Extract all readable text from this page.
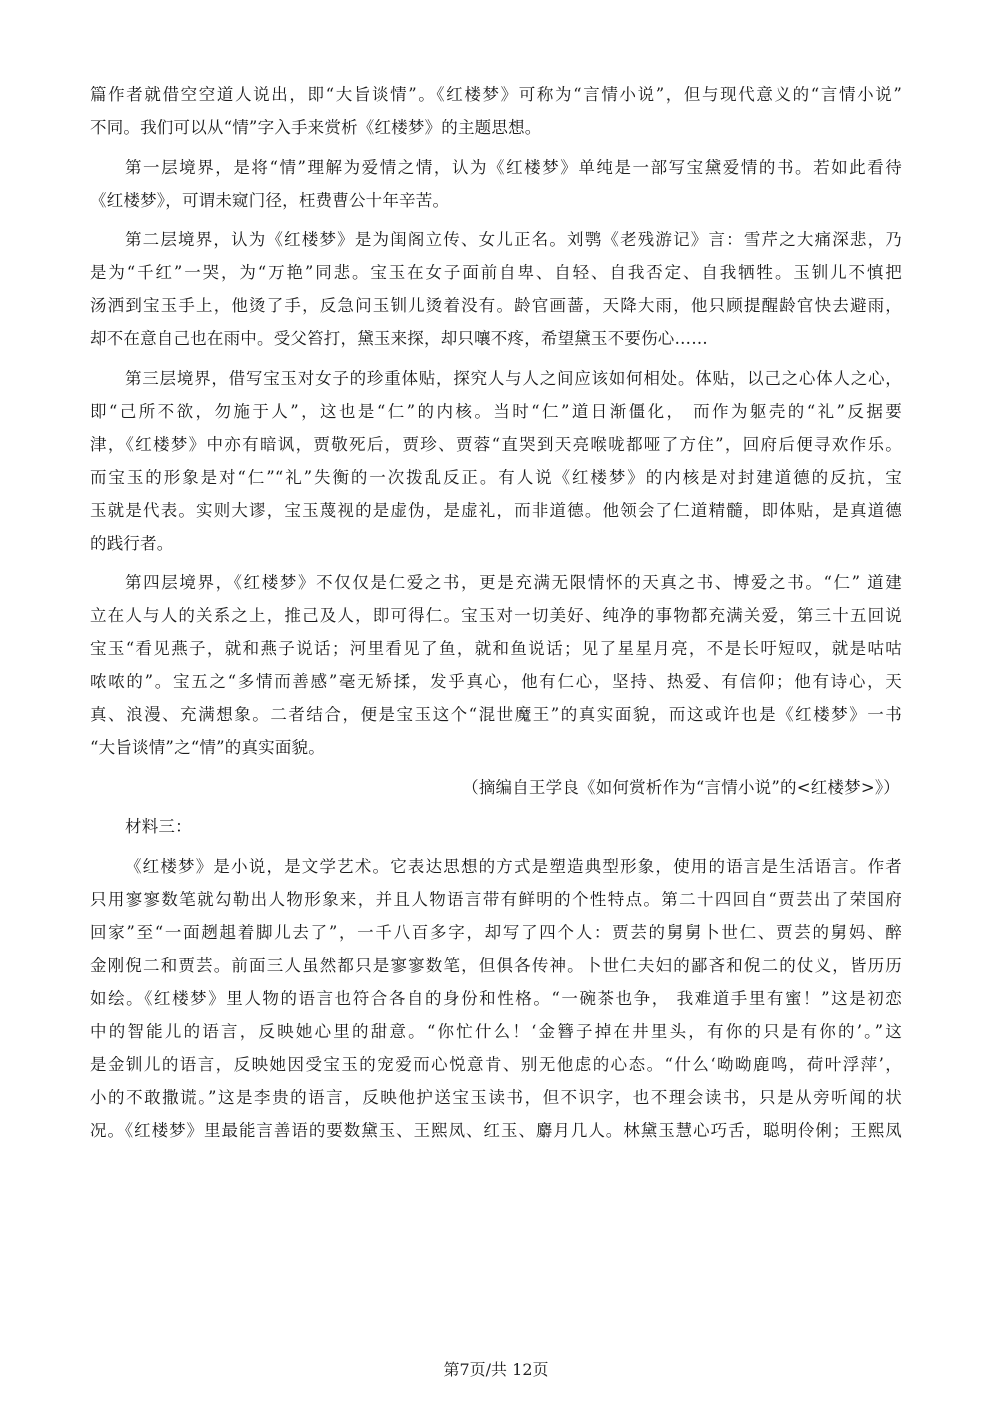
篇作者就借空空道人说出，即“大旨谈情”。《红楼梦》可称为“言情小说”，但与现代意义的“言情小说”
不同。我们可以从“情”字入手来赏析《红楼梦》的主题思想。
第一层境界，是将“情”理解为爱情之情，认为《红楼梦》单纯是一部写宝黛爱情的书。若如此看待
《红楼梦》，可谓未窥门径，枉费曹公十年辛苦。
第二层境界，认为《红楼梦》是为闺阁立传、女儿正名。刘鹗《老残游记》言：雪芹之大痛深悲，乃
是为“千红”一哭，为“万艳”同悲。宝玉在女子面前自卑、自轻、自我否定、自我牺牲。玉钏儿不慎把
汤洒到宝玉手上，他烫了手，反急问玉钏儿烫着没有。龄官画蔷，天降大雨，他只顾提醒龄官快去避雨，
却不在意自己也在雨中。受父笞打，黛玉来探，却只嚷不疼，希望黛玉不要伤心……
第三层境界，借写宝玉对女子的珍重体贴，探究人与人之间应该如何相处。体贴，以己之心体人之心，
即“己所不欲，勿施于人”，这也是“仁”的内核。当时“仁”道日渐僵化， 而作为躯壳的“礼”反据要
津，《红楼梦》中亦有暗讽，贾敬死后，贾珍、贾蓉“直哭到天亮喉咙都哑了方住”，回府后便寻欢作乐。
而宝玉的形象是对“仁”“礼”失衡的一次拨乱反正。有人说《红楼梦》的内核是对封建道德的反抗，宝
玉就是代表。实则大谬，宝玉蔑视的是虚伪，是虚礼，而非道德。他领会了仁道精髓，即体贴，是真道德
的践行者。
第四层境界，《红楼梦》不仅仅是仁爱之书，更是充满无限情怀的天真之书、博爱之书。“仁” 道建
立在人与人的关系之上，推己及人，即可得仁。宝玉对一切美好、纯净的事物都充满关爱，第三十五回说
宝玉“看见燕子，就和燕子说话；河里看见了鱼，就和鱼说话；见了星星月亮，不是长吁短叹，就是咕咕
哝哝的”。宝五之“多情而善感”毫无矫揉，发乎真心，他有仁心，坚持、热爱、有信仰；他有诗心，天
真、浪漫、充满想象。二者结合，便是宝玉这个“混世魔王”的真实面貌，而这或许也是《红楼梦》一书
“大旨谈情”之“情”的真实面貌。
（摘编自王学良《如何赏析作为“言情小说”的<红楼梦>》）
材料三：
《红楼梦》是小说，是文学艺术。它表达思想的方式是塑造典型形象，使用的语言是生活语言。作者
只用寥寥数笔就勾勒出人物形象来，并且人物语言带有鲜明的个性特点。第二十四回自“贾芸出了荣国府
回家”至“一面趔趄着脚儿去了”，一千八百多字，却写了四个人：贾芸的舅舅卜世仁、贾芸的舅妈、醉
金刚倪二和贾芸。前面三人虽然都只是寥寥数笔，但俱各传神。卜世仁夫妇的鄙吝和倪二的仗义，皆历历
如绘。《红楼梦》里人物的语言也符合各自的身份和性格。“一碗茶也争， 我难道手里有蜜！”这是初恋
中的智能儿的语言，反映她心里的甜意。“你忙什么！‘金簪子掉在井里头，有你的只是有你的’。”这
是金钏儿的语言，反映她因受宝玉的宠爱而心悦意肯、别无他虑的心态。“什么‘呦呦鹿鸣，荷叶浮萍’，
小的不敢撒谎。”这是李贵的语言，反映他护送宝玉读书，但不识字，也不理会读书，只是从旁听闻的状
况。《红楼梦》里最能言善语的要数黛玉、王熙凤、红玉、麝月几人。林黛玉慧心巧舌，聪明伶俐；王熙凤
第7页/共 12页
